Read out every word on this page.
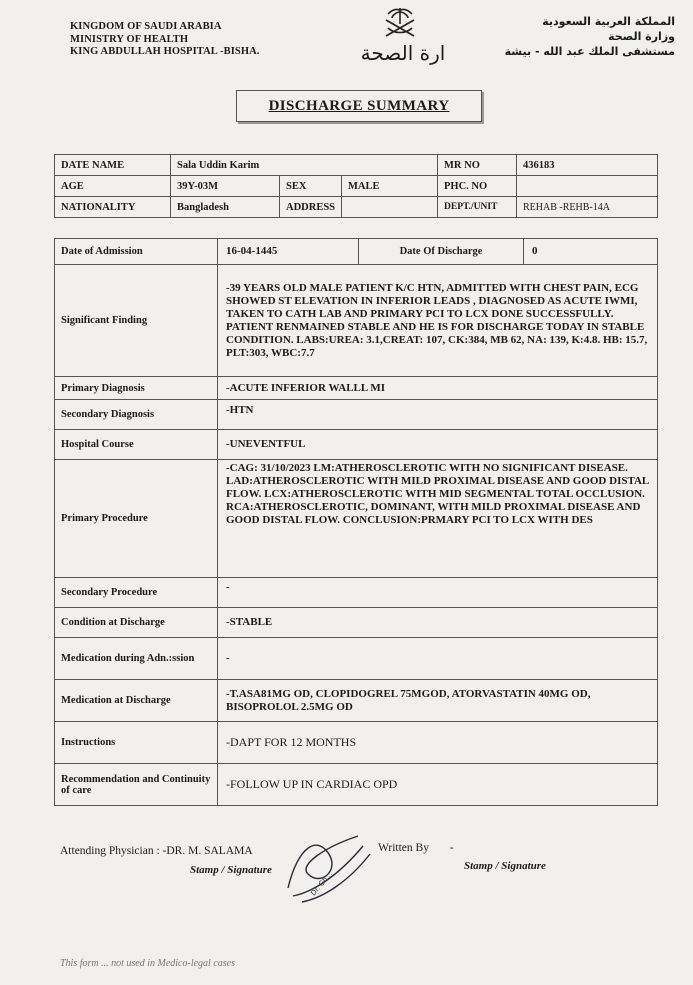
KINGDOM OF SAUDI ARABIA
MINISTRY OF HEALTH
KING ABDULLAH HOSPITAL -BISHA.	ارة الصحة
المملكة العربية السعودية
وزارة الصحة
مستشفى الملك عبد الله - بيشة
DISCHARGE SUMMARY
DATE NAME	Sala Uddin Karim			MR NO	436183
AGE	39Y-03M	SEX	MALE	PHC. NO	
NATIONALITY	Bangladesh	ADDRESS		DEPT./UNIT	REHAB -REHB-14A
Date of Admission	16-04-1445	Date Of Discharge	0
Significant Finding	-39 YEARS OLD MALE PATIENT K/C HTN, ADMITTED WITH CHEST PAIN, ECG SHOWED ST ELEVATION IN INFERIOR LEADS , DIAGNOSED AS ACUTE IWMI, TAKEN TO CATH LAB AND PRIMARY PCI TO LCX DONE SUCCESSFULLY. PATIENT RENMAINED STABLE AND HE IS FOR DISCHARGE TODAY IN STABLE CONDITION. LABS:UREA: 3.1,CREAT: 107, CK:384, MB 62, NA: 139, K:4.8. HB: 15.7, PLT:303, WBC:7.7		
Primary Diagnosis	-ACUTE INFERIOR WALLL MI		
Secondary Diagnosis	-HTN		
Hospital Course	-UNEVENTFUL		
Primary Procedure	-CAG: 31/10/2023 LM:ATHEROSCLEROTIC WITH NO SIGNIFICANT DISEASE. LAD:ATHEROSCLEROTIC WITH MILD PROXIMAL DISEASE AND GOOD DISTAL FLOW. LCX:ATHEROSCLEROTIC WITH MID SEGMENTAL TOTAL OCCLUSION. RCA:ATHEROSCLEROTIC, DOMINANT, WITH MILD PROXIMAL DISEASE AND GOOD DISTAL FLOW. CONCLUSION:PRMARY PCI TO LCX WITH DES		
Secondary Procedure	-		
Condition at Discharge	-STABLE		
Medication during Adn.:ssion	-		
Medication at Discharge	-T.ASA81MG OD, CLOPIDOGREL 75MGOD, ATORVASTATIN 40MG OD, BISOPROLOL 2.5MG OD		
Instructions	-DAPT FOR 12 MONTHS		
Recommendation and Continuity of care	-FOLLOW UP IN CARDIAC OPD		
Attending Physician : -DR. M. SALAMA
Stamp / Signature
Dr. Gh...
Written By -
Stamp / Signature
This form ... not used in Medico-legal cases
